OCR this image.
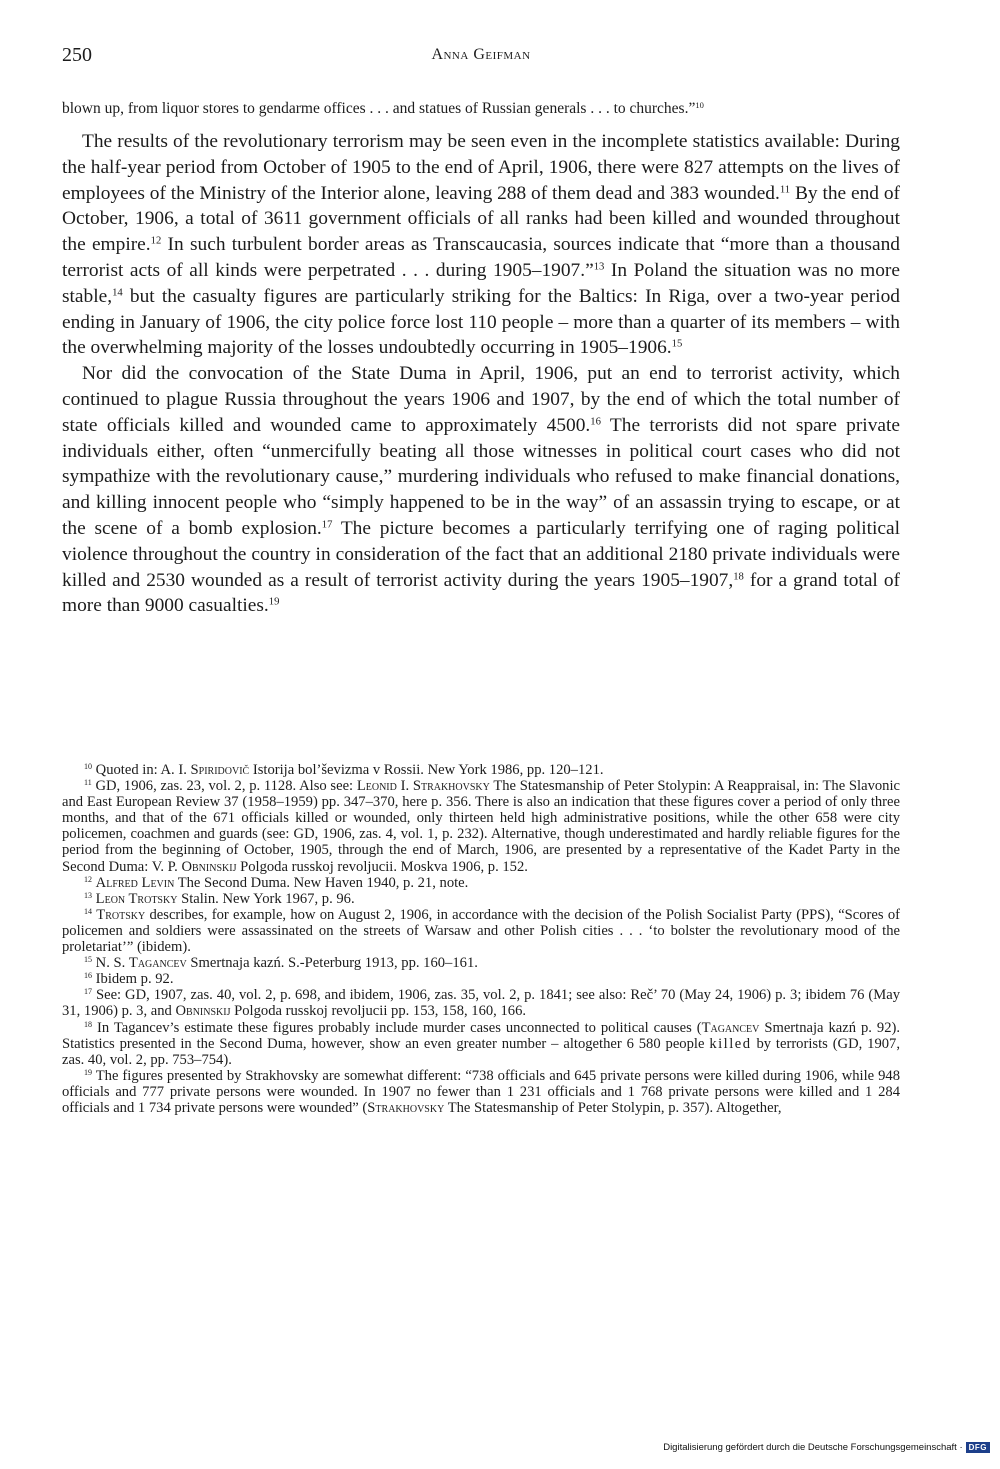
250	Anna Geifman

blown up, from liquor stores to gendarme offices . . . and statues of Russian generals . . . to churches.”$^{10}$

The results of the revolutionary terrorism may be seen even in the incomplete statistics available: During the half-year period from October of 1905 to the end of April, 1906, there were 827 attempts on the lives of employees of the Ministry of the Interior alone, leaving 288 of them dead and 383 wounded.$^{11}$ By the end of October, 1906, a total of 3611 government officials of all ranks had been killed and wounded throughout the empire.$^{12}$ In such turbulent border areas as Transcaucasia, sources indicate that “more than a thousand terrorist acts of all kinds were perpetrated . . . during 1905–1907.”$^{13}$ In Poland the situation was no more stable,$^{14}$ but the casualty figures are particularly striking for the Baltics: In Riga, over a two-year period ending in January of 1906, the city police force lost 110 people – more than a quarter of its members – with the overwhelming majority of the losses undoubtedly occurring in 1905–1906.15

Nor did the convocation of the State Duma in April, 1906, put an end to terrorist activity, which continued to plague Russia throughout the years 1906 and 1907, by the end of which the total number of state officials killed and wounded came to approximately 4500.16 The terrorists did not spare private individuals either, often “unmercifully beating all those witnesses in political court cases who did not sympathize with the revolutionary cause,” murdering individuals who refused to make financial donations, and killing innocent people who “simply happened to be in the way” of an assassin trying to escape, or at the scene of a bomb explosion.$^{17}$ The picture becomes a particularly terrifying one of raging political violence throughout the country in consideration of the fact that an additional 2180 private individuals were killed and 2530 wounded as a result of terrorist activity during the years 1905–1907,18 for a grand total of more than 9000 casualties.$^{19}$

$^{10}$ Quoted in: A. I. Spiridovič Istorija bol’ševizma v Rossii. New York 1986, pp. 120–121.

$^{11}$ GD, 1906, zas. 23, vol. 2, p. 1128. Also see: Leonid I. Strakhovsky The Statesmanship of Peter Stolypin: A Reappraisal, in: The Slavonic and East European Review 37 (1958–1959) pp. 347–370, here p. 356. There is also an indication that these figures cover a period of only three months, and that of the 671 officials killed or wounded, only thirteen held high administrative positions, while the other 658 were city policemen, coachmen and guards (see: GD, 1906, zas. 4, vol. 1, p. 232). Alternative, though underestimated and hardly reliable figures for the period from the beginning of October, 1905, through the end of March, 1906, are presented by a representative of the Kadet Party in the Second Duma: V. P. Obninskij Polgoda russkoj revoljucii. Moskva 1906, p. 152.

$^{12}$ Alfred Levin The Second Duma. New Haven 1940, p. 21, note.

$^{13}$ Leon Trotsky Stalin. New York 1967, p. 96.

$^{14}$ Trotsky describes, for example, how on August 2, 1906, in accordance with the decision of the Polish Socialist Party (PPS), “Scores of policemen and soldiers were assassinated on the streets of Warsaw and other Polish cities . . . ‘to bolster the revolutionary mood of the proletariat’” (ibidem).

$^{15}$ N. S. Tagancev Smertnaja kazń. S.-Peterburg 1913, pp. 160–161.

$^{16}$ Ibidem p. 92.

$^{17}$ See: GD, 1907, zas. 40, vol. 2, p. 698, and ibidem, 1906, zas. 35, vol. 2, p. 1841; see also: Reč’ 70 (May 24, 1906) p. 3; ibidem 76 (May 31, 1906) p. 3, and Obninskij Polgoda russkoj revoljucii pp. 153, 158, 160, 166.

$^{18}$ In Tagancev’s estimate these figures probably include murder cases unconnected to political causes (Tagancev Smertnaja kazń p. 92). Statistics presented in the Second Duma, however, show an even greater number – altogether 6 580 people killed by terrorists (GD, 1907, zas. 40, vol. 2, pp. 753–754).

$^{19}$ The figures presented by Strakhovsky are somewhat different: “738 officials and 645 private persons were killed during 1906, while 948 officials and 777 private persons were wounded. In 1907 no fewer than 1 231 officials and 1 768 private persons were killed and 1 284 officials and 1 734 private persons were wounded” (Strakhovsky The Statesmanship of Peter Stolypin, p. 357). Altogether,

Digitalisierung gefördert durch die Deutsche Forschungsgemeinschaft · DFG
